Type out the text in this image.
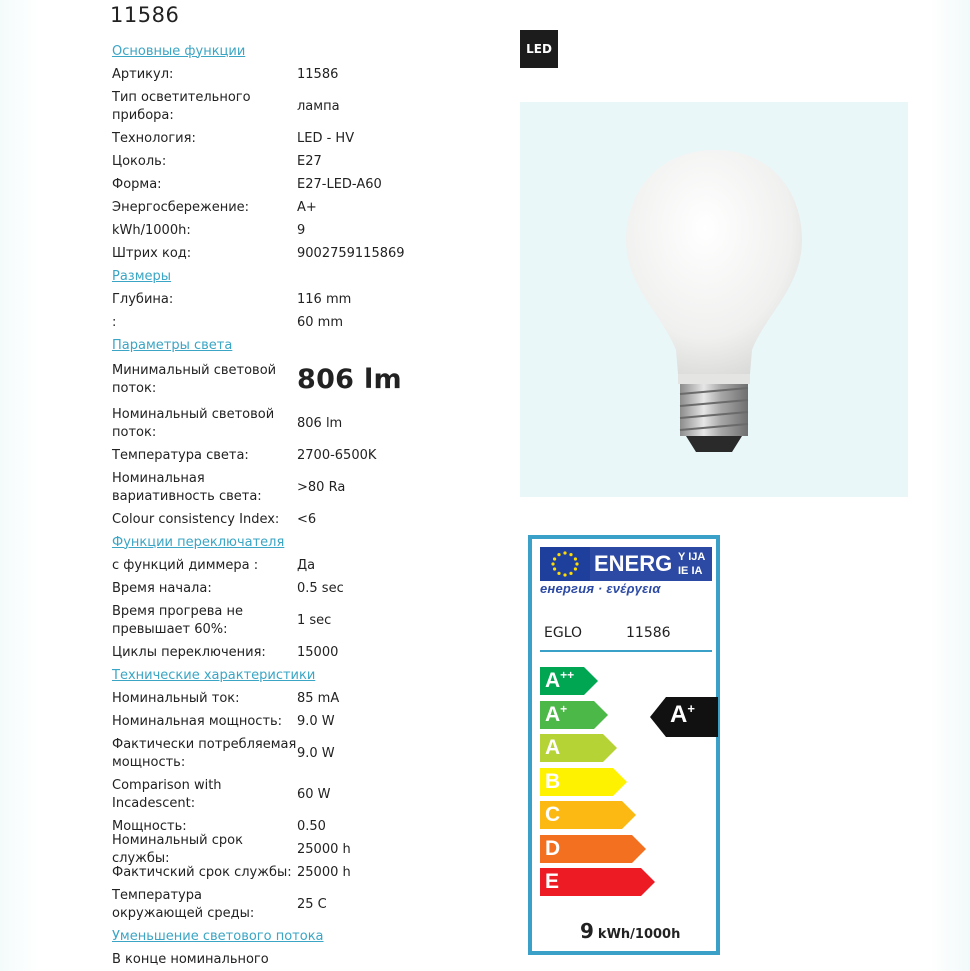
11586
Основные функции
Артикул:	11586
Тип осветительного прибора:
лампа
Технология:	LED - HV
Цоколь:	E27
Форма:	E27-LED-A60
Энергосбережение:	A+
kWh/1000h:	9
Штрих код:	9002759115869
Размеры
Глубина:	116 mm
:	60 mm
Параметры света
Минимальный световой поток:	806 lm
Номинальный световой поток:
806 lm
Температура света:	2700-6500K
Номинальная вариативность света:
>80 Ra
Colour consistency Index:	<6
Функции переключателя
с функций диммера :	Да
Время начала:	0.5 sec
Время прогрева не превышает 60%:
1 sec
Циклы переключения:	15000
Технические характеристики
Номинальный ток:	85 mA
Номинальная мощность:	9.0 W
Фактически потребляемая мощность:
9.0 W
Comparison with Incadescent:
60 W
Мощность:	0.50
Номинальный срок службы:
25000 h
Фактичский срок службы: 25000 h
Температура окружающей среды:
25 C
Уменьшение светового потока
В конце номинального
LED
ENERG Y IJA
IE IA
енергия · ενέργεια
EGLO	11586
A++
A+
A
B
C
D
E
A+
9 kWh/1000h
